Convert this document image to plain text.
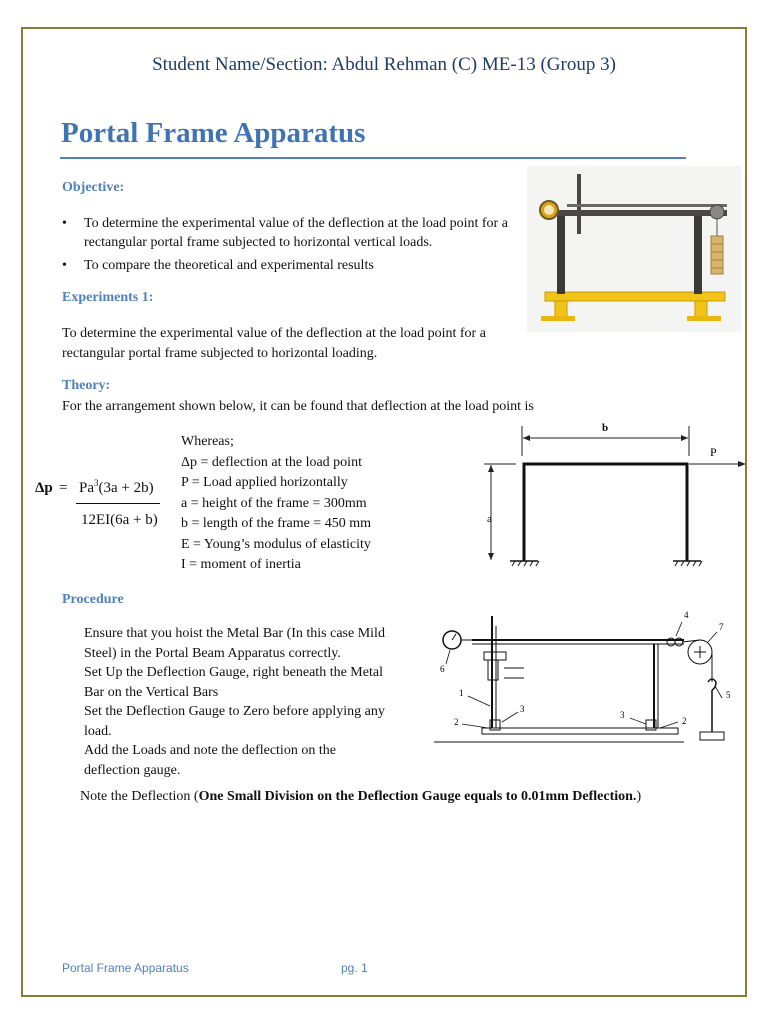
Student Name/Section: Abdul Rehman (C) ME-13 (Group 3)
Portal Frame Apparatus
Objective:
• To determine the experimental value of the deflection at the load point for a rectangular portal frame subjected to horizontal vertical loads.
• To compare the theoretical and experimental results
Experiments 1:
To determine the experimental value of the deflection at the load point for a rectangular portal frame subjected to horizontal loading.
Theory:
For the arrangement shown below, it can be found that deflection at the load point is
$\Delta p = Pa^3(3a + 2b)$
12EI(6a + b)
Whereas;
Δp = deflection at the load point
P = Load applied horizontally
a = height of the frame = 300mm
b = length of the frame = 450 mm
E = Young’s modulus of elasticity
I = moment of inertia
b
P
a
Procedure
Ensure that you hoist the Metal Bar (In this case Mild
Steel) in the Portal Beam Apparatus correctly.
Set Up the Deflection Gauge, right beneath the Metal
Bar on the Vertical Bars
Set the Deflection Gauge to Zero before applying any
load.
Add the Loads and note the deflection on the
deflection gauge.
1
2	2
3
3
4
5
6
7
Note the Deflection (One Small Division on the Deflection Gauge equals to 0.01mm Deflection.)
Portal Frame Apparatus	pg. 1
